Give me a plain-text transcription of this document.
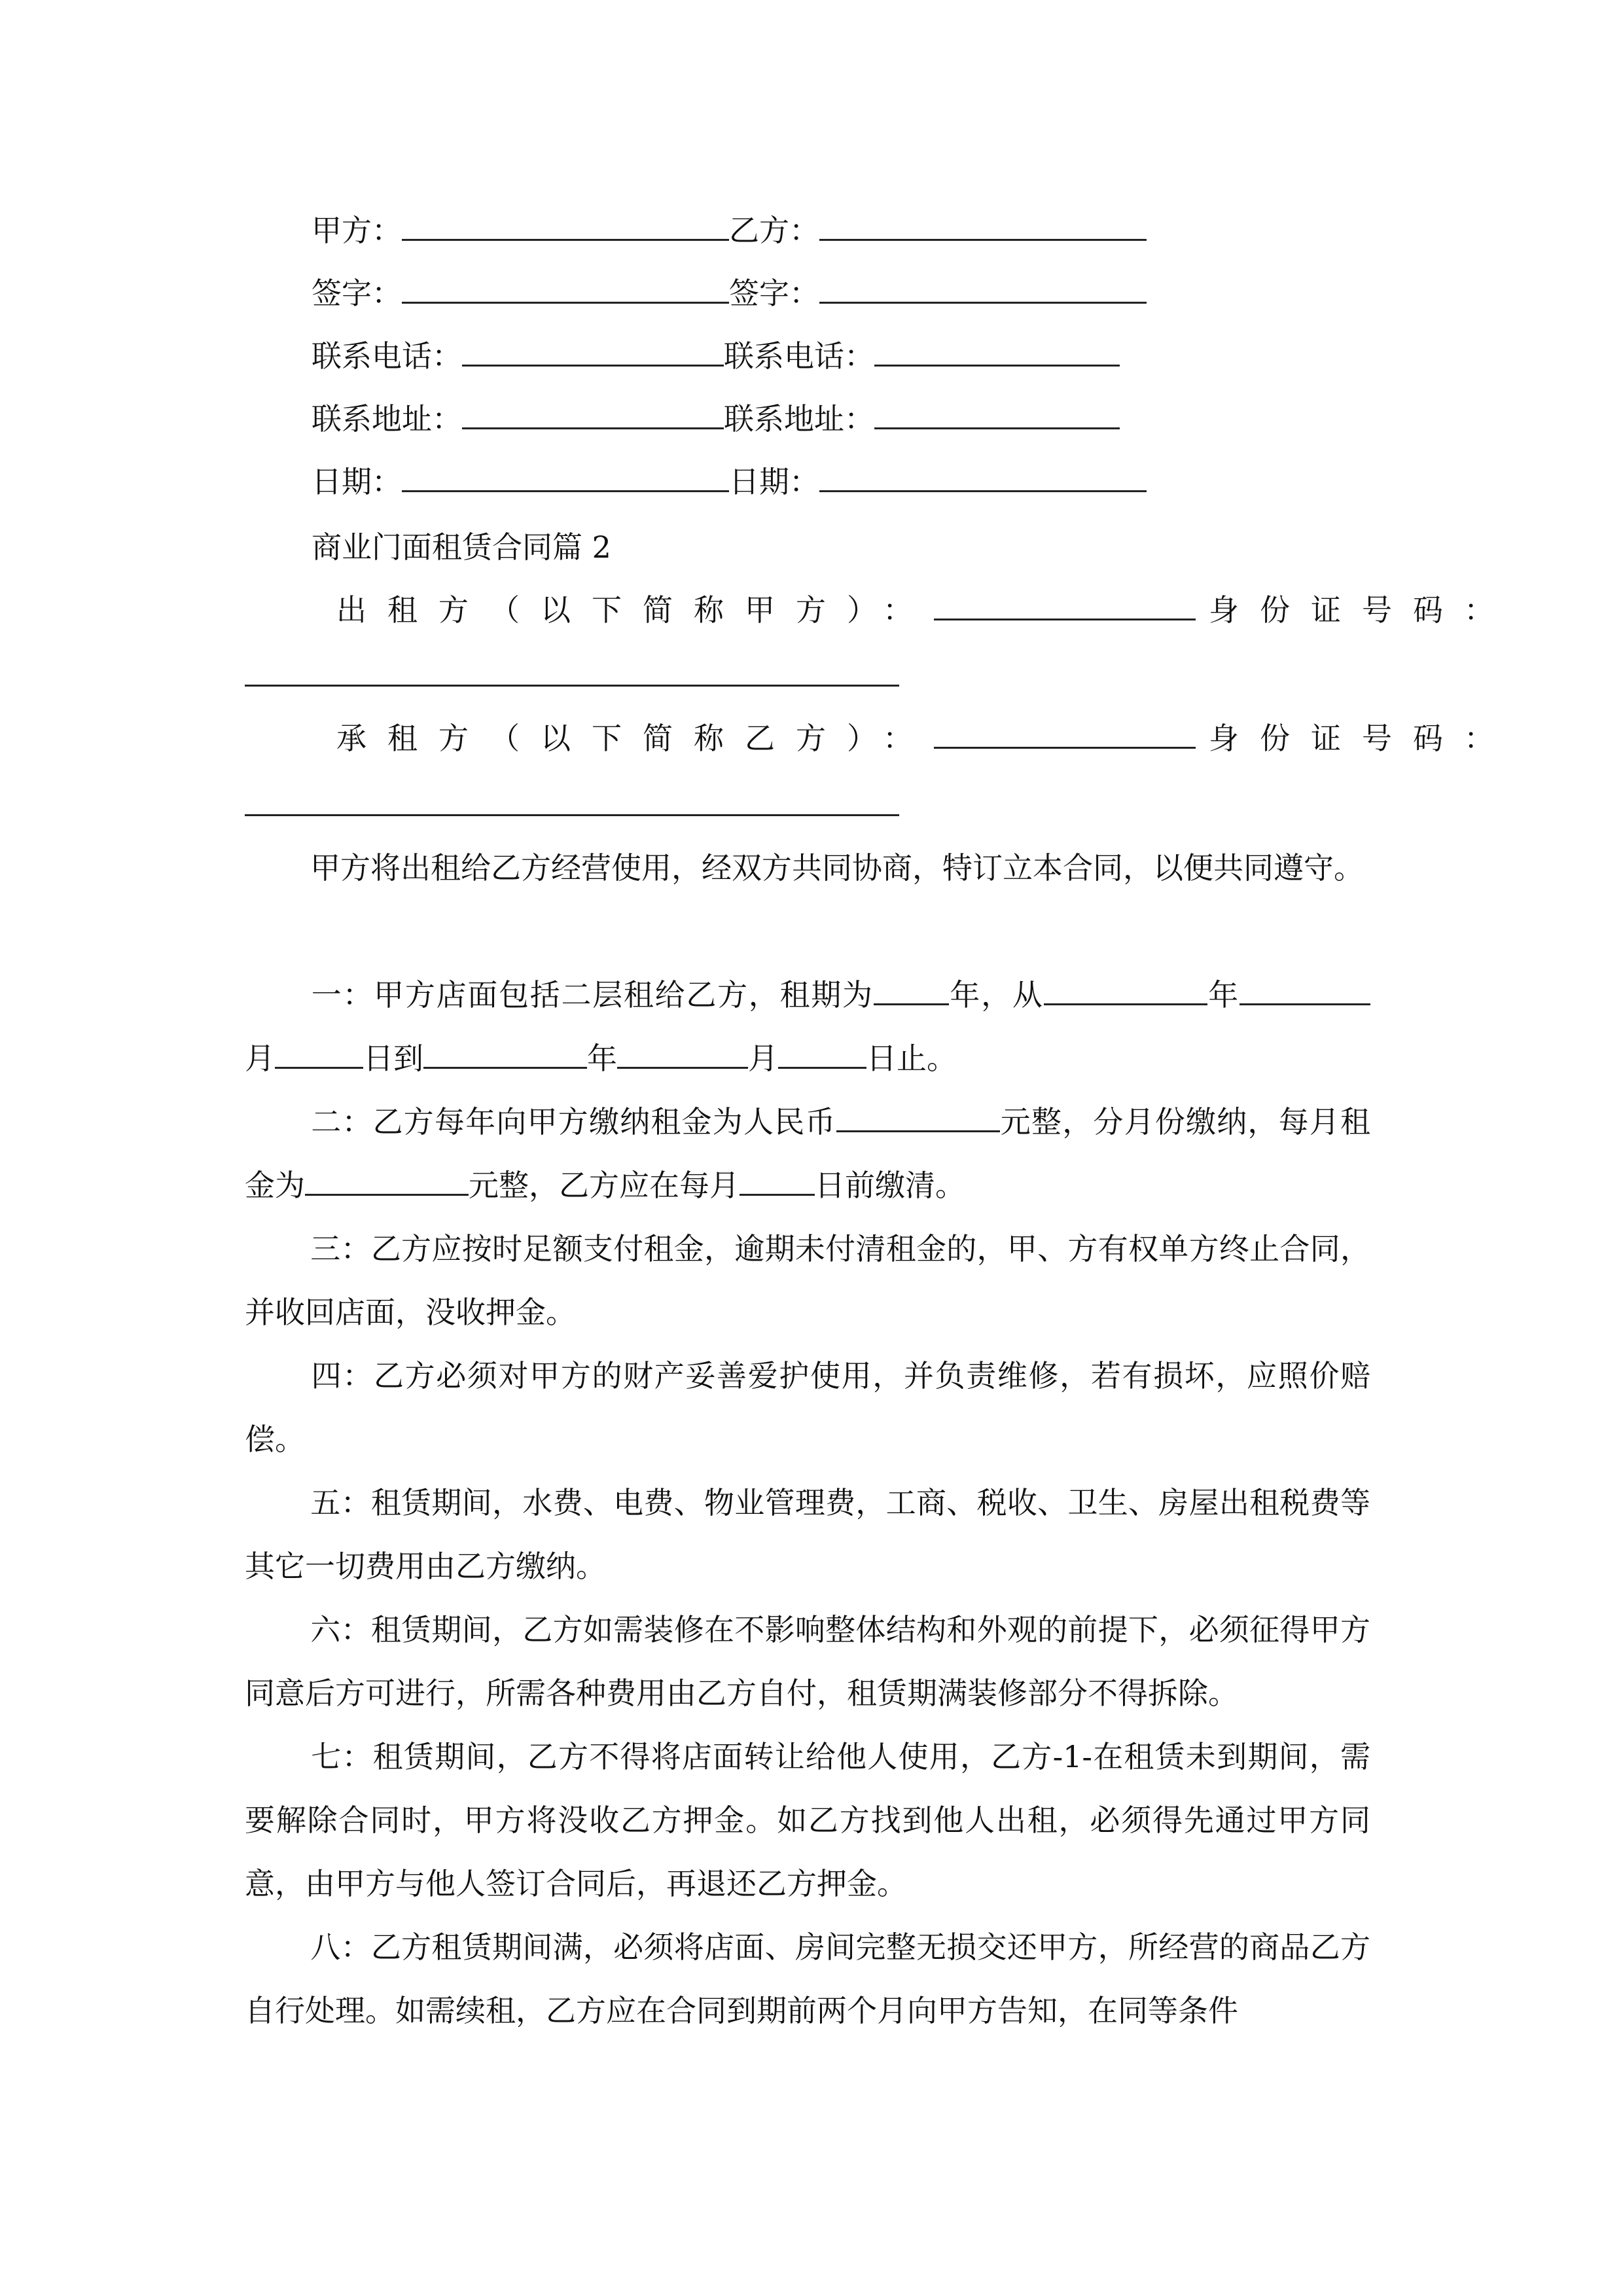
甲方：	乙方：
签字：	签字：
联系电话：	联系电话：
联系地址：	联系地址：
日期：	日期：
商业门面租赁合同篇 2
出租方（以下简称甲方）：	身份证号码：
承租方（以下简称乙方）：	身份证号码：
甲方将出租给乙方经营使用，经双方共同协商，特订立本合同，以便共同遵守。
一：甲方店面包括二层租给乙方，租期为	年，从	年月	日到	年	月	日止。
二：乙方每年向甲方缴纳租金为人民币	元整，分月份缴纳，每月租金为	元整，乙方应在每月	日前缴清。
三：乙方应按时足额支付租金，逾期未付清租金的，甲、方有权单方终止合同，并收回店面，没收押金。
四：乙方必须对甲方的财产妥善爱护使用，并负责维修，若有损坏，应照价赔偿。
五：租赁期间，水费、电费、物业管理费，工商、税收、卫生、房屋出租税费等其它一切费用由乙方缴纳。
六：租赁期间，乙方如需装修在不影响整体结构和外观的前提下，必须征得甲方同意后方可进行，所需各种费用由乙方自付，租赁期满装修部分不得拆除。
七：租赁期间，乙方不得将店面转让给他人使用，乙方-1-在租赁未到期间，需要解除合同时，甲方将没收乙方押金。如乙方找到他人出租，必须得先通过甲方同意，由甲方与他人签订合同后，再退还乙方押金。
八：乙方租赁期间满，必须将店面、房间完整无损交还甲方，所经营的商品乙方自行处理。如需续租，乙方应在合同到期前两个月向甲方告知，在同等条件
